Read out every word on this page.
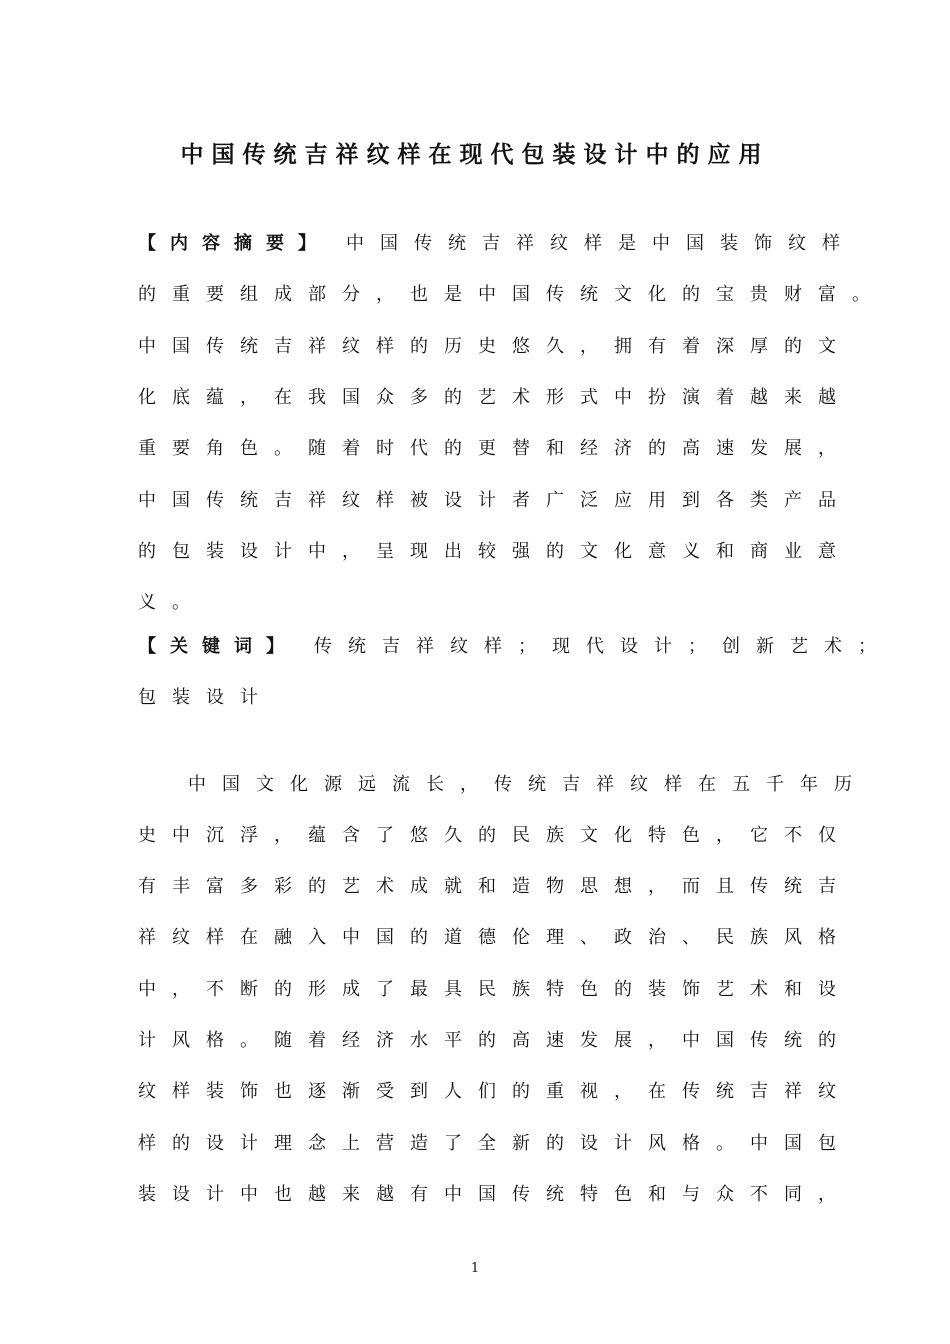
中国传统吉祥纹样在现代包装设计中的应用
【内容摘要】 中国传统吉祥纹样是中国装饰纹样
的重要组成部分，也是中国传统文化的宝贵财富。
中国传统吉祥纹样的历史悠久，拥有着深厚的文
化底蕴，在我国众多的艺术形式中扮演着越来越
重要角色。随着时代的更替和经济的高速发展，
中国传统吉祥纹样被设计者广泛应用到各类产品
的包装设计中，呈现出较强的文化意义和商业意
义。
【关键词】 传统吉祥纹样；现代设计；创新艺术；
包装设计
中国文化源远流长，传统吉祥纹样在五千年历
史中沉浮，蕴含了悠久的民族文化特色，它不仅
有丰富多彩的艺术成就和造物思想，而且传统吉
祥纹样在融入中国的道德伦理、政治、民族风格
中，不断的形成了最具民族特色的装饰艺术和设
计风格。随着经济水平的高速发展，中国传统的
纹样装饰也逐渐受到人们的重视，在传统吉祥纹
样的设计理念上营造了全新的设计风格。中国包
装设计中也越来越有中国传统特色和与众不同，
1
